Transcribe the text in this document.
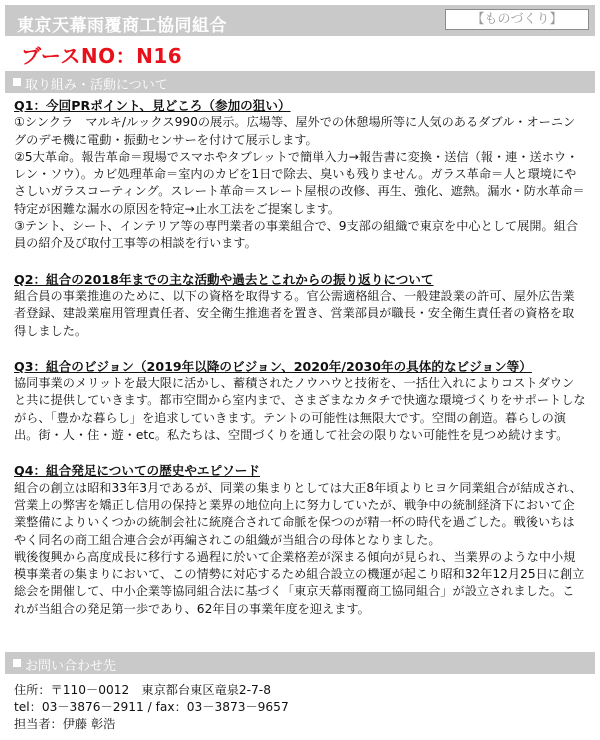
東京天幕雨覆商工協同組合	【ものづくり】
ブースNO：N16
取り組み・活動について

Q1：今回PRポイント、見どころ（参加の狙い）

①シンクラ　マルキ/ルックス990の展示。広場等、屋外での休憩場所等に人気のあるダブル・オーニングのデモ機に電動・振動センサーを付けて展示します。
②5大革命。報告革命＝現場でスマホやタブレットで簡単入力→報告書に変換・送信（報・連・送ホウ・レン・ソウ）。カビ処理革命＝室内のカビを1日で除去、臭いも残りません。ガラス革命＝人と環境にやさしいガラスコーティング。スレート革命＝スレート屋根の改修、再生、強化、遮熱。漏水・防水革命＝特定が困難な漏水の原因を特定→止水工法をご提案します。
③テント、シート、インテリア等の専門業者の事業組合で、9支部の組織で東京を中心として展開。組合員の紹介及び取付工事等の相談を行います。

Q2：組合の2018年までの主な活動や過去とこれからの振り返りについて

組合員の事業推進のために、以下の資格を取得する。官公需適格組合、一般建設業の許可、屋外広告業者登録、建設業雇用管理責任者、安全衛生推進者を置き、営業部員が職長・安全衛生責任者の資格を取得しました。

Q3：組合のビジョン（2019年以降のビジョン、2020年/2030年の具体的なビジョン等）

協同事業のメリットを最大限に活かし、蓄積されたノウハウと技術を、一括仕入れによりコストダウンと共に提供していきます。都市空間から室内まで、さまざまなカタチで快適な環境づくりをサポートしながら、「豊かな暮らし」を追求していきます。テントの可能性は無限大です。空間の創造。暮らしの演出。街・人・住・遊・etc。私たちは、空間づくりを通して社会の限りない可能性を見つめ続けます。

Q4：組合発足についての歴史やエピソード

組合の創立は昭和33年3月であるが、同業の集まりとしては大正8年頃よりヒヨケ同業組合が結成され、営業上の弊害を矯正し信用の保持と業界の地位向上に努力していたが、戦争中の統制経済下において企業整備によりいくつかの統制会社に統廃合されて命脈を保つのが精一杯の時代を過ごした。戦後いちはやく同名の商工組合連合会が再編されこの組織が当組合の母体となりました。

戦後復興から高度成長に移行する過程に於いて企業格差が深まる傾向が見られ、当業界のような中小規模事業者の集まりにおいて、この情勢に対応するため組合設立の機運が起こり昭和32年12月25日に創立総会を開催して、中小企業等協同組合法に基づく「東京天幕雨覆商工協同組合」が設立されました。これが当組合の発足第一歩であり、62年目の事業年度を迎えます。

お問い合わせ先

住所：〒110－0012　東京都台東区竜泉2-7-8

tel：03－3876－2911 / fax：03－3873－9657

担当者：伊藤 彰浩
